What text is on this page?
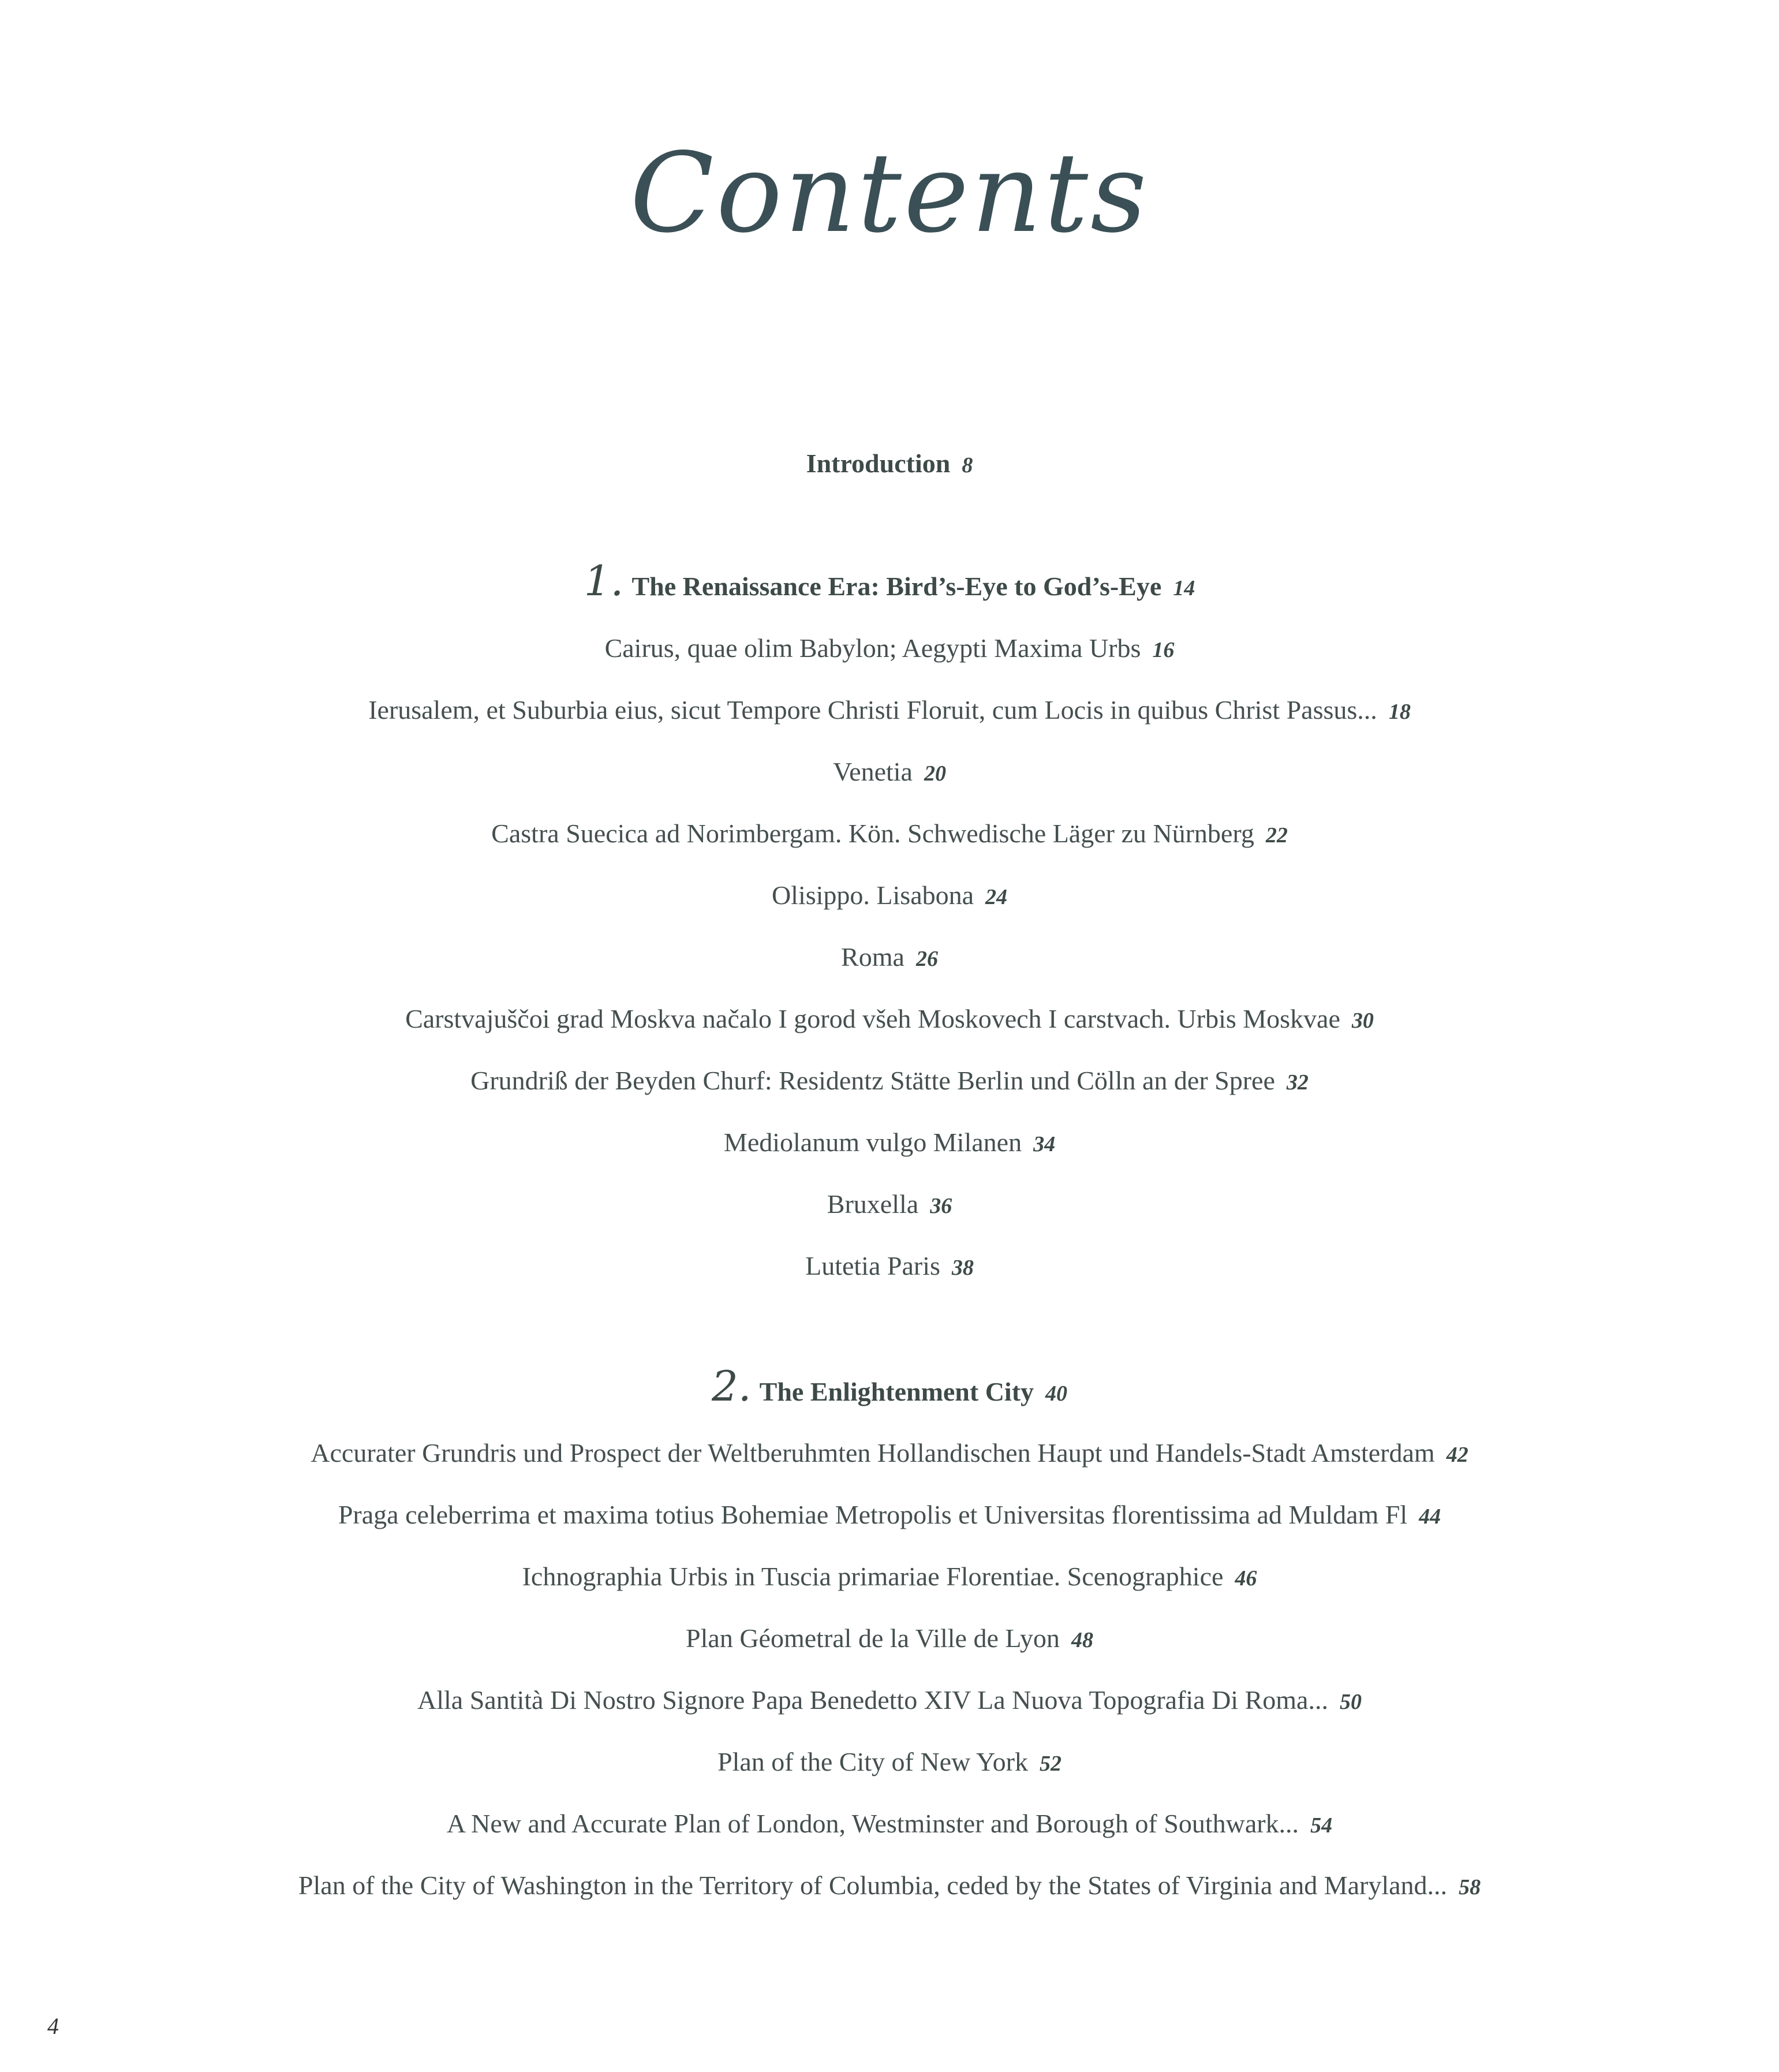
Contents
Introduction 8
1. The Renaissance Era: Bird’s-Eye to God’s-Eye 14
Cairus, quae olim Babylon; Aegypti Maxima Urbs 16
Ierusalem, et Suburbia eius, sicut Tempore Christi Floruit, cum Locis in quibus Christ Passus... 18
Venetia 20
Castra Suecica ad Norimbergam. Kön. Schwedische Läger zu Nürnberg 22
Olisippo. Lisabona 24
Roma 26
Carstvajuščoi grad Moskva načalo I gorod všeh Moskovech I carstvach. Urbis Moskvae 30
Grundriß der Beyden Churf: Residentz Stätte Berlin und Cölln an der Spree 32
Mediolanum vulgo Milanen 34
Bruxella 36
Lutetia Paris 38
2. The Enlightenment City 40
Accurater Grundris und Prospect der Weltberuhmten Hollandischen Haupt und Handels-Stadt Amsterdam 42
Praga celeberrima et maxima totius Bohemiae Metropolis et Universitas florentissima ad Muldam Fl 44
Ichnographia Urbis in Tuscia primariae Florentiae. Scenographice 46
Plan Géometral de la Ville de Lyon 48
Alla Santità Di Nostro Signore Papa Benedetto XIV La Nuova Topografia Di Roma... 50
Plan of the City of New York 52
A New and Accurate Plan of London, Westminster and Borough of Southwark... 54
Plan of the City of Washington in the Territory of Columbia, ceded by the States of Virginia and Maryland... 58
4
